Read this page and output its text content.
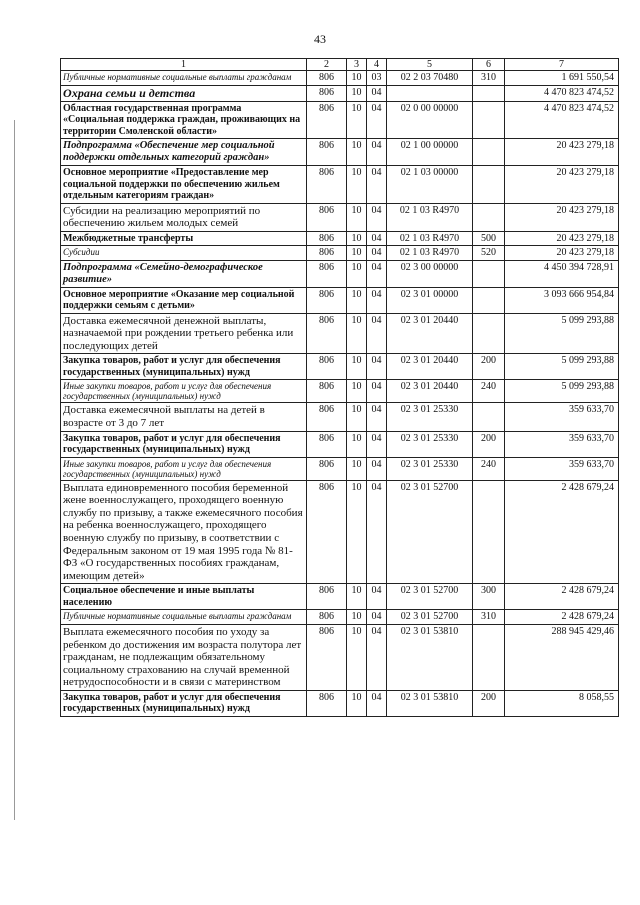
43
1	2	3	4	5	6	7
Публичные нормативные социальные выплаты гражданам	806	10	03	02 2 03 70480	310	1 691 550,54
Охрана семьи и детства	806	10	04			4 470 823 474,52
Областная государственная программа «Социальная поддержка граждан, проживающих на территории Смоленской области»	806	10	04	02 0 00 00000		4 470 823 474,52
Подпрограмма «Обеспечение мер социальной поддержки отдельных категорий граждан»	806	10	04	02 1 00 00000		20 423 279,18
Основное мероприятие «Предоставление мер социальной поддержки по обеспечению жильем отдельным категориям граждан»	806	10	04	02 1 03 00000		20 423 279,18
Субсидии на реализацию мероприятий по обеспечению жильем молодых семей	806	10	04	02 1 03 R4970		20 423 279,18
Межбюджетные трансферты	806	10	04	02 1 03 R4970	500	20 423 279,18
Субсидии	806	10	04	02 1 03 R4970	520	20 423 279,18
Подпрограмма «Семейно-демографическое развитие»	806	10	04	02 3 00 00000		4 450 394 728,91
Основное мероприятие «Оказание мер социальной поддержки семьям с детьми»	806	10	04	02 3 01 00000		3 093 666 954,84
Доставка ежемесячной денежной выплаты, назначаемой при рождении третьего ребенка или последующих детей	806	10	04	02 3 01 20440		5 099 293,88
Закупка товаров, работ и услуг для обеспечения государственных (муниципальных) нужд	806	10	04	02 3 01 20440	200	5 099 293,88
Иные закупки товаров, работ и услуг для обеспечения государственных (муниципальных) нужд	806	10	04	02 3 01 20440	240	5 099 293,88
Доставка ежемесячной выплаты на детей в возрасте от 3 до 7 лет	806	10	04	02 3 01 25330		359 633,70
Закупка товаров, работ и услуг для обеспечения государственных (муниципальных) нужд	806	10	04	02 3 01 25330	200	359 633,70
Иные закупки товаров, работ и услуг для обеспечения государственных (муниципальных) нужд	806	10	04	02 3 01 25330	240	359 633,70
Выплата единовременного пособия беременной жене военнослужащего, проходящего военную службу по призыву, а также ежемесячного пособия на ребенка военнослужащего, проходящего военную службу по призыву, в соответствии с Федеральным законом от 19 мая 1995 года № 81-ФЗ «О государственных пособиях гражданам, имеющим детей»	806	10	04	02 3 01 52700		2 428 679,24
Социальное обеспечение и иные выплаты населению	806	10	04	02 3 01 52700	300	2 428 679,24
Публичные нормативные социальные выплаты гражданам	806	10	04	02 3 01 52700	310	2 428 679,24
Выплата ежемесячного пособия по уходу за ребенком до достижения им возраста полутора лет гражданам, не подлежащим обязательному социальному страхованию на случай временной нетрудоспособности и в связи с материнством	806	10	04	02 3 01 53810		288 945 429,46
Закупка товаров, работ и услуг для обеспечения государственных (муниципальных) нужд	806	10	04	02 3 01 53810	200	8 058,55
